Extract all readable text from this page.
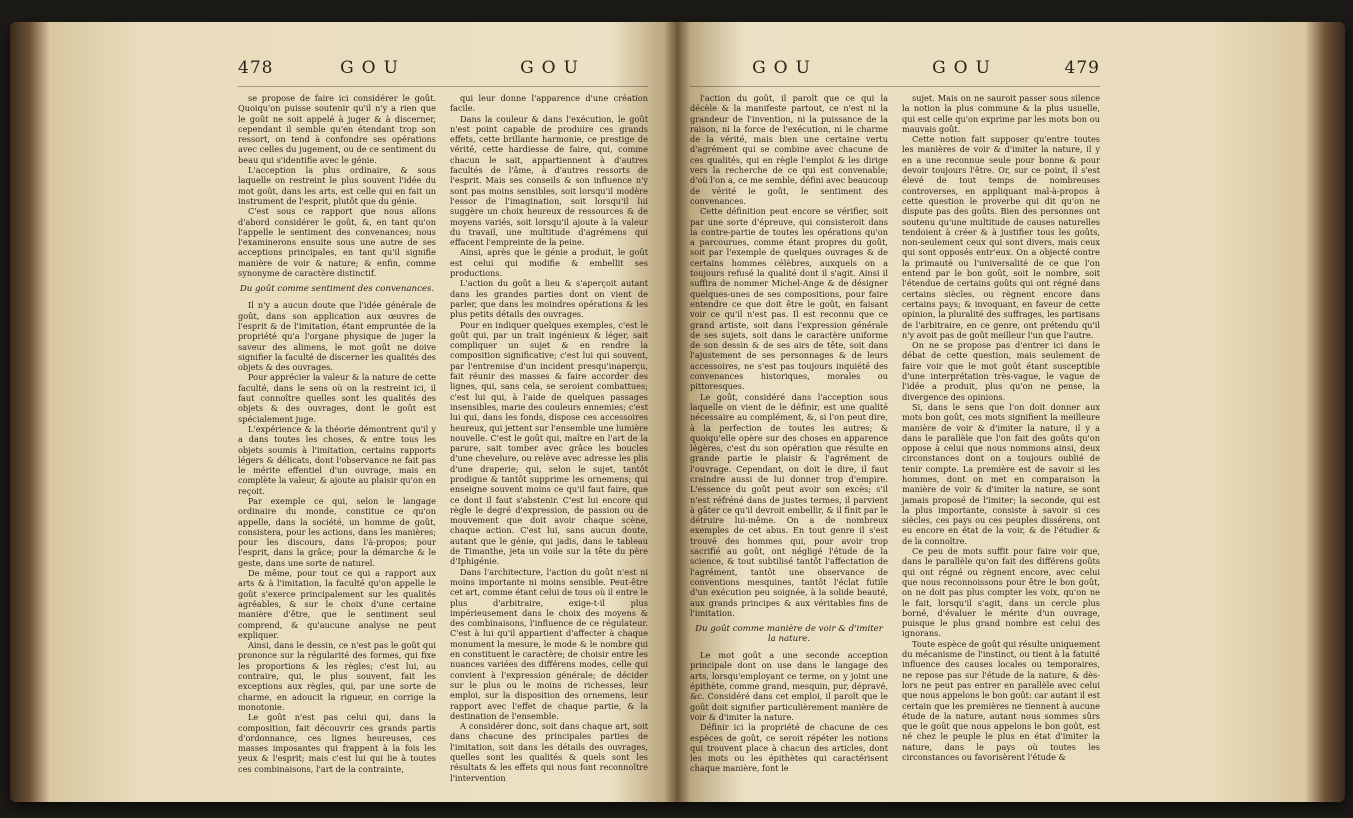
478	GOU	GOU

se propose de faire ici considérer le goût. Quoiqu'on puisse soutenir qu'il n'y a rien que le goût ne soit appelé à juger & à discerner, cependant il semble qu'en étendant trop son ressort, on tend à confondre ses opérations avec celles du jugement, ou de ce sentiment du beau qui s'identifie avec le génie.

L'acception la plus ordinaire, & sous laquelle on restreint le plus souvent l'idée du mot goût, dans les arts, est celle qui en fait un instrument de l'esprit, plutôt que du génie.

C'est sous ce rapport que nous allons d'abord considérer le goût, &, en tant qu'on l'appelle le sentiment des convenances; nous l'examinerons ensuite sous une autre de ses acceptions principales, en tant qu'il signifie manière de voir & nature; & enfin, comme synonyme de caractère distinctif.

Du goût comme sentiment des convenances.

Il n'y a aucun doute que l'idée générale de goût, dans son application aux œuvres de l'esprit & de l'imitation, étant empruntée de la propriété qu'a l'organe physique de juger la saveur des alimens, le mot goût ne doive signifier la faculté de discerner les qualités des objets & des ouvrages.

Pour apprécier la valeur & la nature de cette faculté, dans le sens où on la restreint ici, il faut connoître quelles sont les qualités des objets & des ouvrages, dont le goût est spécialement juge.

L'expérience & la théorie démontrent qu'il y a dans toutes les choses, & entre tous les objets soumis à l'imitation, certains rapports légers & délicats, dont l'observance ne fait pas le mérite effentiel d'un ouvrage, mais en complète la valeur, & ajoute au plaisir qu'on en reçoit.

Par exemple ce qui, selon le langage ordinaire du monde, constitue ce qu'on appelle, dans la société, un homme de goût, consistera, pour les actions, dans les manières; pour les discours, dans l'à-propos; pour l'esprit, dans la grâce; pour la démarche & le geste, dans une sorte de naturel.

De même, pour tout ce qui a rapport aux arts & à l'imitation, la faculté qu'on appelle le goût s'exerce principalement sur les qualités agréables, & sur le choix d'une certaine manière d'être, que le sentiment seul comprend, & qu'aucune analyse ne peut expliquer.

Ainsi, dans le dessin, ce n'est pas le goût qui prononce sur la régularité des formes, qui fixe les proportions & les règles; c'est lui, au contraire, qui, le plus souvent, fait les exceptions aux règles, qui, par une sorte de charme, en adoucit la rigueur, en corrige la monotonie.

Le goût n'est pas celui qui, dans la composition, fait découvrir ces grands partis d'ordonnance, ces lignes heureuses, ces masses imposantes qui frappent à la fois les yeux & l'esprit; mais c'est lui qui lie à toutes ces combinaisons, l'art de la contrainte,

qui leur donne l'apparence d'une création facile.

Dans la couleur & dans l'exécution, le goût n'est point capable de produire ces grands effets, cette brillante harmonie, ce prestige de vérité, cette hardiesse de faire, qui, comme chacun le sait, appartiennent à d'autres facultés de l'âme, à d'autres ressorts de l'esprit. Mais ses conseils & son influence n'y sont pas moins sensibles, soit lorsqu'il modère l'essor de l'imagination, soit lorsqu'il lui suggère un choix heureux de ressources & de moyens variés, soit lorsqu'il ajoute à la valeur du travail, une multitude d'agrémens qui effacent l'empreinte de la peine.

Ainsi, après que le génie a produit, le goût est celui qui modifie & embellit ses productions.

L'action du goût a lieu & s'aperçoit autant dans les grandes parties dont on vient de parler, que dans les moindres opérations & les plus petits détails des ouvrages.

Pour en indiquer quelques exemples, c'est le goût qui, par un trait ingénieux & léger, sait compliquer un sujet & en rendre la composition significative; c'est lui qui souvent, par l'entremise d'un incident presqu'inaperçu, fait réunir des masses & faire accorder des lignes, qui, sans cela, se seroient combattues; c'est lui qui, à l'aide de quelques passages insensibles, marie des couleurs ennemies; c'est lui qui, dans les fonds, dispose ces accessoires heureux, qui jettent sur l'ensemble une lumière nouvelle. C'est le goût qui, maître en l'art de la parure, sait tomber avec grâce les boucles d'une chevelure, ou relève avec adresse les plis d'une draperie; qui, selon le sujet, tantôt prodigue & tantôt supprime les ornemens; qui enseigne souvent moins ce qu'il faut faire, que ce dont il faut s'abstenir. C'est lui encore qui règle le degré d'expression, de passion ou de mouvement que doit avoir chaque scène, chaque action. C'est lui, sans aucun doute, autant que le génie, qui jadis, dans le tableau de Timanthe, jeta un voile sur la tête du père d'Iphigénie.

Dans l'architecture, l'action du goût n'est ni moins importante ni moins sensible. Peut-être cet art, comme étant celui de tous où il entre le plus d'arbitraire, exige-t-il plus impérieusement dans le choix des moyens & des combinaisons, l'influence de ce régulateur. C'est à lui qu'il appartient d'affecter à chaque monument la mesure, le mode & le nombre qui en constituent le caractère; de choisir entre les nuances variées des différens modes, celle qui convient à l'expression générale; de décider sur le plus ou le moins de richesses, leur emploi, sur la disposition des ornemens, leur rapport avec l'effet de chaque partie, & la destination de l'ensemble.

A considérer donc, soit dans chaque art, soit dans chacune des principales parties de l'imitation, soit dans les détails des ouvrages, quelles sont les qualités & quels sont les résultats & les effets qui nous font reconnoître l'intervention

GOU	GOU	479

l'action du goût, il paroît que ce qui la décèle & la manifeste partout, ce n'est ni la grandeur de l'invention, ni la puissance de la raison, ni la force de l'exécution, ni le charme de la vérité, mais bien une certaine vertu d'agrément qui se combine avec chacune de ces qualités, qui en règle l'emploi & les dirige vers la recherche de ce qui est convenable; d'où l'on a, ce me semble, défini avec beaucoup de vérité le goût, le sentiment des convenances.

Cette définition peut encore se vérifier, soit par une sorte d'épreuve, qui consisteroit dans la contre-partie de toutes les opérations qu'on a parcourues, comme étant propres du goût, soit par l'exemple de quelques ouvrages & de certains hommes célèbres, auxquels on a toujours refusé la qualité dont il s'agit. Ainsi il suffira de nommer Michel-Ange & de désigner quelques-unes de ses compositions, pour faire entendre ce que doit être le goût, en faisant voir ce qu'il n'est pas. Il est reconnu que ce grand artiste, soit dans l'expression générale de ses sujets, soit dans le caractère uniforme de son dessin & de ses airs de tête, soit dans l'ajustement de ses personnages & de leurs accessoires, ne s'est pas toujours inquiété des convenances historiques, morales ou pittoresques.

Le goût, considéré dans l'acception sous laquelle on vient de le définir, est une qualité nécessaire au complément, &, si l'on peut dire, à la perfection de toutes les autres; & quoiqu'elle opère sur des choses en apparence légères, c'est du son opération que résulte en grande partie le plaisir & l'agrément de l'ouvrage. Cependant, on doit le dire, il faut craindre aussi de lui donner trop d'empire. L'essence du goût peut avoir son excès; s'il n'est réfréné dans de justes termes, il parvient à gâter ce qu'il devroit embellir, & il finit par le détruire lui-même. On a de nombreux exemples de cet abus. En tout genre il s'est trouvé des hommes qui, pour avoir trop sacrifié au goût, ont négligé l'étude de la science, & tout subtilisé tantôt l'affectation de l'agrément, tantôt une observance de conventions mesquines, tantôt l'éclat futile d'un exécution peu soignée, à la solide beauté, aux grands principes & aux véritables fins de l'imitation.

Du goût comme manière de voir & d'imiter la nature.

Le mot goût a une seconde acception principale dont on use dans le langage des arts, lorsqu'employant ce terme, on y joint une épithète, comme grand, mesquin, pur, dépravé, &c. Considéré dans cet emploi, il paroît que le goût doit signifier particulièrement manière de voir & d'imiter la nature.

Définir ici la propriété de chacune de ces espèces de goût, ce seroit répéter les notions qui trouvent place à chacun des articles, dont les mots ou les épithètes qui caractérisent chaque manière, font le

sujet. Mais on ne sauroit passer sous silence la notion la plus commune & la plus usuelle, qui est celle qu'on exprime par les mots bon ou mauvais goût.

Cette notion fait supposer qu'entre toutes les manières de voir & d'imiter la nature, il y en a une reconnue seule pour bonne & pour devoir toujours l'être. Or, sur ce point, il s'est élevé de tout temps de nombreuses controverses, en appliquant mal-à-propos à cette question le proverbe qui dit qu'on ne dispute pas des goûts. Bien des personnes ont soutenu qu'une multitude de causes naturelles tendoient à créer & à justifier tous les goûts, non-seulement ceux qui sont divers, mais ceux qui sont opposés entr'eux. On a objecté contre la primauté ou l'universalité de ce que l'on entend par le bon goût, soit le nombre, soit l'étendue de certains goûts qui ont régné dans certains siècles, ou règnent encore dans certains pays; & invoquant, en faveur de cette opinion, la pluralité des suffrages, les partisans de l'arbitraire, en ce genre, ont prétendu qu'il n'y avoit pas de goût meilleur l'un que l'autre.

On ne se propose pas d'entrer ici dans le débat de cette question, mais seulement de faire voir que le mot goût étant susceptible d'une interprétation très-vague, le vague de l'idée a produit, plus qu'on ne pense, la divergence des opinions.

Si, dans le sens que l'on doit donner aux mots bon goût, ces mots signifient la meilleure manière de voir & d'imiter la nature, il y a dans le parallèle que l'on fait des goûts qu'on oppose à celui que nous nommons ainsi, deux circonstances dont on a toujours oublié de tenir compte. La première est de savoir si les hommes, dont on met en comparaison la manière de voir & d'imiter la nature, se sont jamais proposé de l'imiter; la seconde, qui est la plus importante, consiste à savoir si ces siècles, ces pays ou ces peuples dissérens, ont eu encore en état de la voir, & de l'étudier & de la connoître.

Ce peu de mots suffit pour faire voir que, dans le parallèle qu'on fait des différens goûts qui ont régné ou règnent encore, avec celui que nous reconnoissons pour être le bon goût, on ne doit pas plus compter les voix, qu'on ne le fait, lorsqu'il s'agit, dans un cercle plus borné, d'évaluer le mérite d'un ouvrage, puisque le plus grand nombre est celui des ignorans.

Toute espèce de goût qui résulte uniquement du mécanisme de l'instinct, ou tient à la fatuité influence des causes locales ou temporaires, ne repose pas sur l'étude de la nature, & dès-lors ne peut pas entrer en parallèle avec celui que nous appelons le bon goût: car autant il est certain que les premières ne tiennent à aucune étude de la nature, autant nous sommes sûrs que le goût que nous appelons le bon goût, est né chez le peuple le plus en état d'imiter la nature, dans le pays où toutes les circonstances ou favorisèrent l'étude &
